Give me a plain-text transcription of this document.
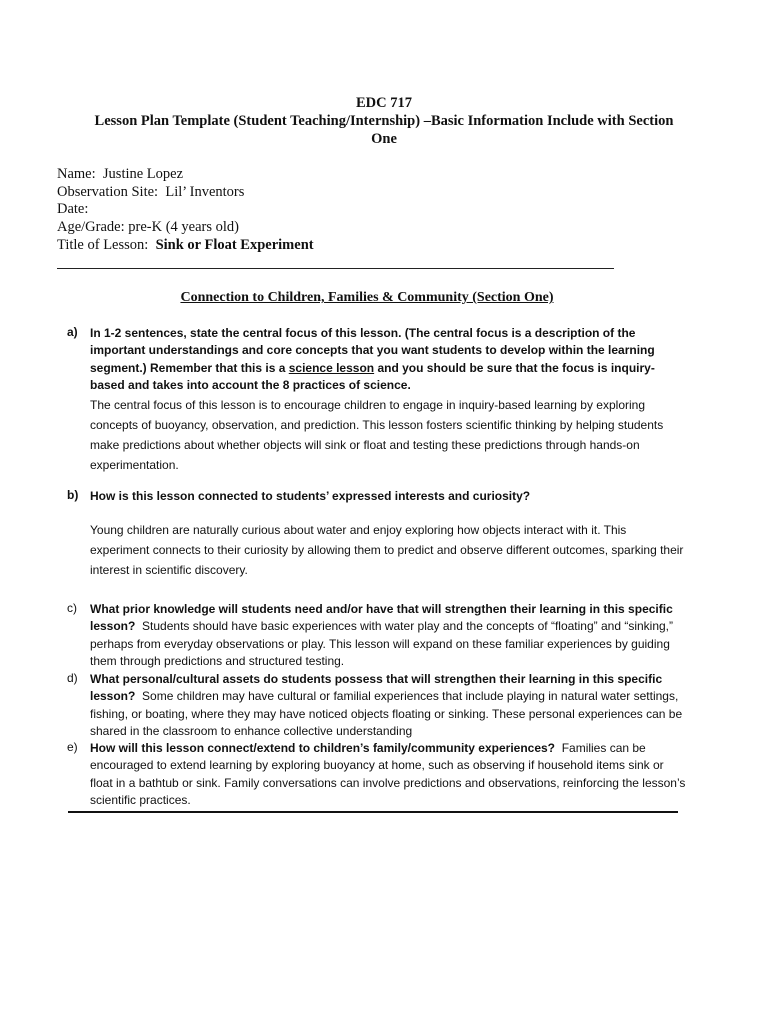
EDC 717
Lesson Plan Template (Student Teaching/Internship) –Basic Information Include with Section One
Name: Justine Lopez
Observation Site: Lil’ Inventors
Date:
Age/Grade: pre-K (4 years old)
Title of Lesson: Sink or Float Experiment
Connection to Children, Families & Community (Section One)
a) In 1-2 sentences, state the central focus of this lesson. (The central focus is a description of the important understandings and core concepts that you want students to develop within the learning segment.) Remember that this is a science lesson and you should be sure that the focus is inquiry-based and takes into account the 8 practices of science.
The central focus of this lesson is to encourage children to engage in inquiry-based learning by exploring concepts of buoyancy, observation, and prediction. This lesson fosters scientific thinking by helping students make predictions about whether objects will sink or float and testing these predictions through hands-on experimentation.
b) How is this lesson connected to students’ expressed interests and curiosity?
Young children are naturally curious about water and enjoy exploring how objects interact with it. This experiment connects to their curiosity by allowing them to predict and observe different outcomes, sparking their interest in scientific discovery.
c) What prior knowledge will students need and/or have that will strengthen their learning in this specific lesson? Students should have basic experiences with water play and the concepts of “floating” and “sinking,” perhaps from everyday observations or play. This lesson will expand on these familiar experiences by guiding them through predictions and structured testing.
d) What personal/cultural assets do students possess that will strengthen their learning in this specific lesson? Some children may have cultural or familial experiences that include playing in natural water settings, fishing, or boating, where they may have noticed objects floating or sinking. These personal experiences can be shared in the classroom to enhance collective understanding
e) How will this lesson connect/extend to children’s family/community experiences? Families can be encouraged to extend learning by exploring buoyancy at home, such as observing if household items sink or float in a bathtub or sink. Family conversations can involve predictions and observations, reinforcing the lesson’s scientific practices.
